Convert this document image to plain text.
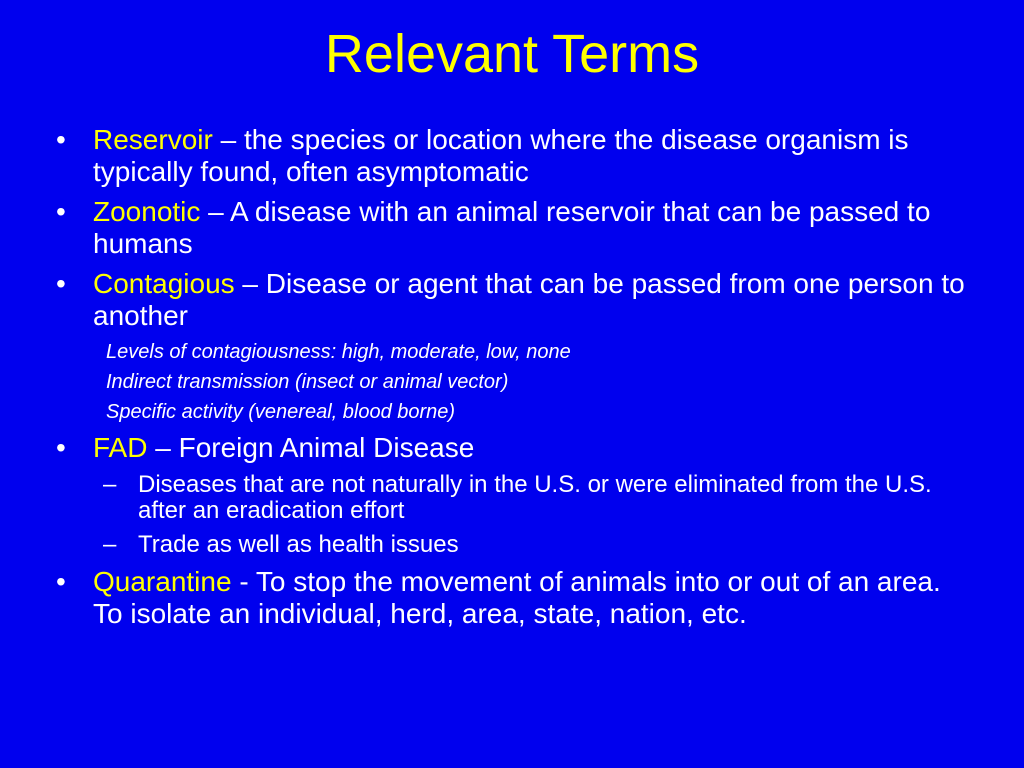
Relevant Terms
• Reservoir – the species or location where the disease organism is typically found, often asymptomatic
• Zoonotic – A disease with an animal reservoir that can be passed to humans
• Contagious – Disease or agent that can be passed from one person to another
Levels of contagiousness: high, moderate, low, none
Indirect transmission (insect or animal vector)
Specific activity (venereal, blood borne)
• FAD – Foreign Animal Disease
– Diseases that are not naturally in the U.S. or were eliminated from the U.S. after an eradication effort
– Trade as well as health issues
• Quarantine - To stop the movement of animals into or out of an area. To isolate an individual, herd, area, state, nation, etc.
